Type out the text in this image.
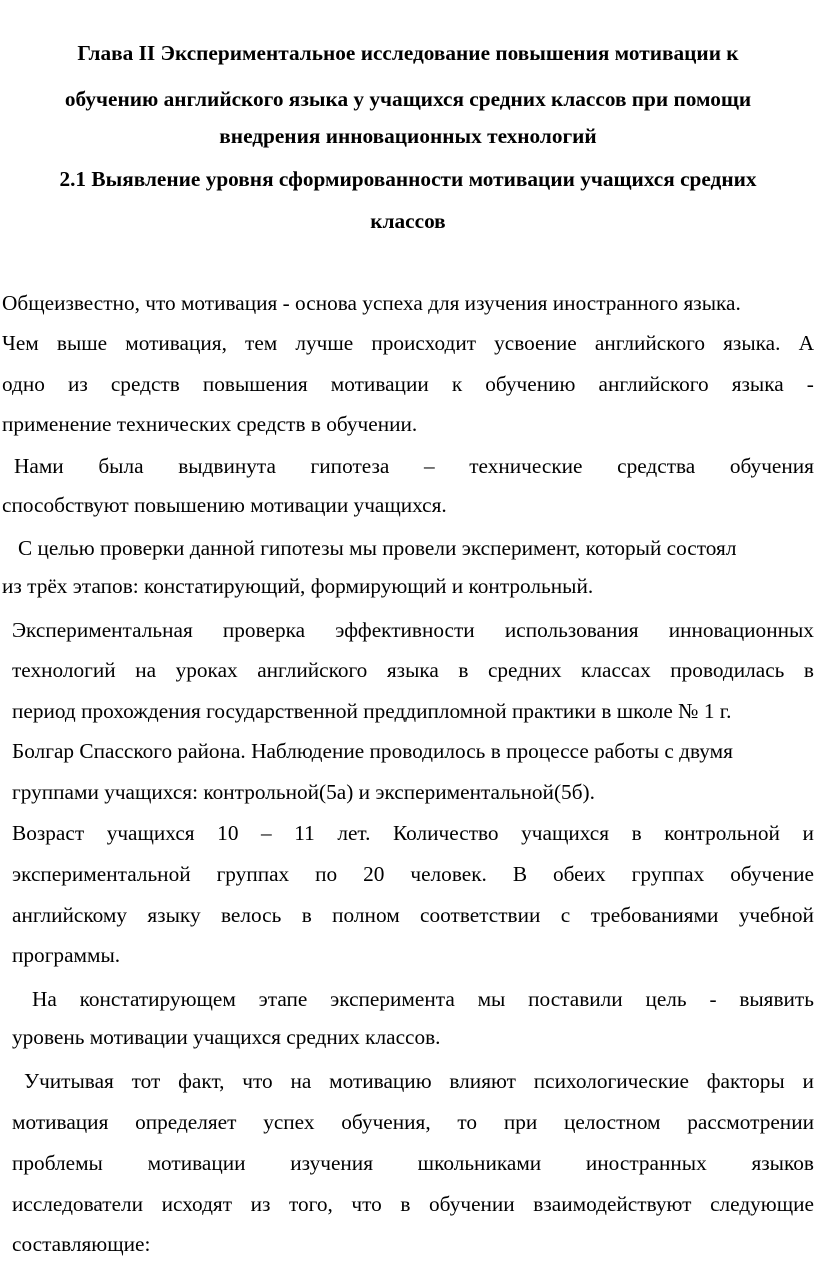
Глава II Экспериментальное исследование повышения мотивации к
обучению английского языка у учащихся средних классов при помощи
внедрения инновационных технологий
2.1 Выявление уровня сформированности мотивации учащихся средних
классов
Общеизвестно, что мотивация - основа успеха для изучения иностранного языка.
Чем выше мотивация, тем лучше происходит усвоение английского языка. А
одно из средств повышения мотивации к обучению английского языка -
применение технических средств в обучении.
Нами была выдвинута гипотеза – технические средства обучения
способствуют повышению мотивации учащихся.
С целью проверки данной гипотезы мы провели эксперимент, который состоял
из трёх этапов: констатирующий, формирующий и контрольный.
Экспериментальная проверка эффективности использования инновационных
технологий на уроках английского языка в средних классах проводилась в
период прохождения государственной преддипломной практики в школе № 1 г.
Болгар Спасского района. Наблюдение проводилось в процессе работы с двумя
группами учащихся: контрольной(5а) и экспериментальной(5б).
Возраст учащихся 10 – 11 лет. Количество учащихся в контрольной и
экспериментальной группах по 20 человек. В обеих группах обучение
английскому языку велось в полном соответствии с требованиями учебной
программы.
На констатирующем этапе эксперимента мы поставили цель - выявить
уровень мотивации учащихся средних классов.
Учитывая тот факт, что на мотивацию влияют психологические факторы и
мотивация определяет успех обучения, то при целостном рассмотрении
проблемы мотивации изучения школьниками иностранных языков
исследователи исходят из того, что в обучении взаимодействуют следующие
составляющие:
